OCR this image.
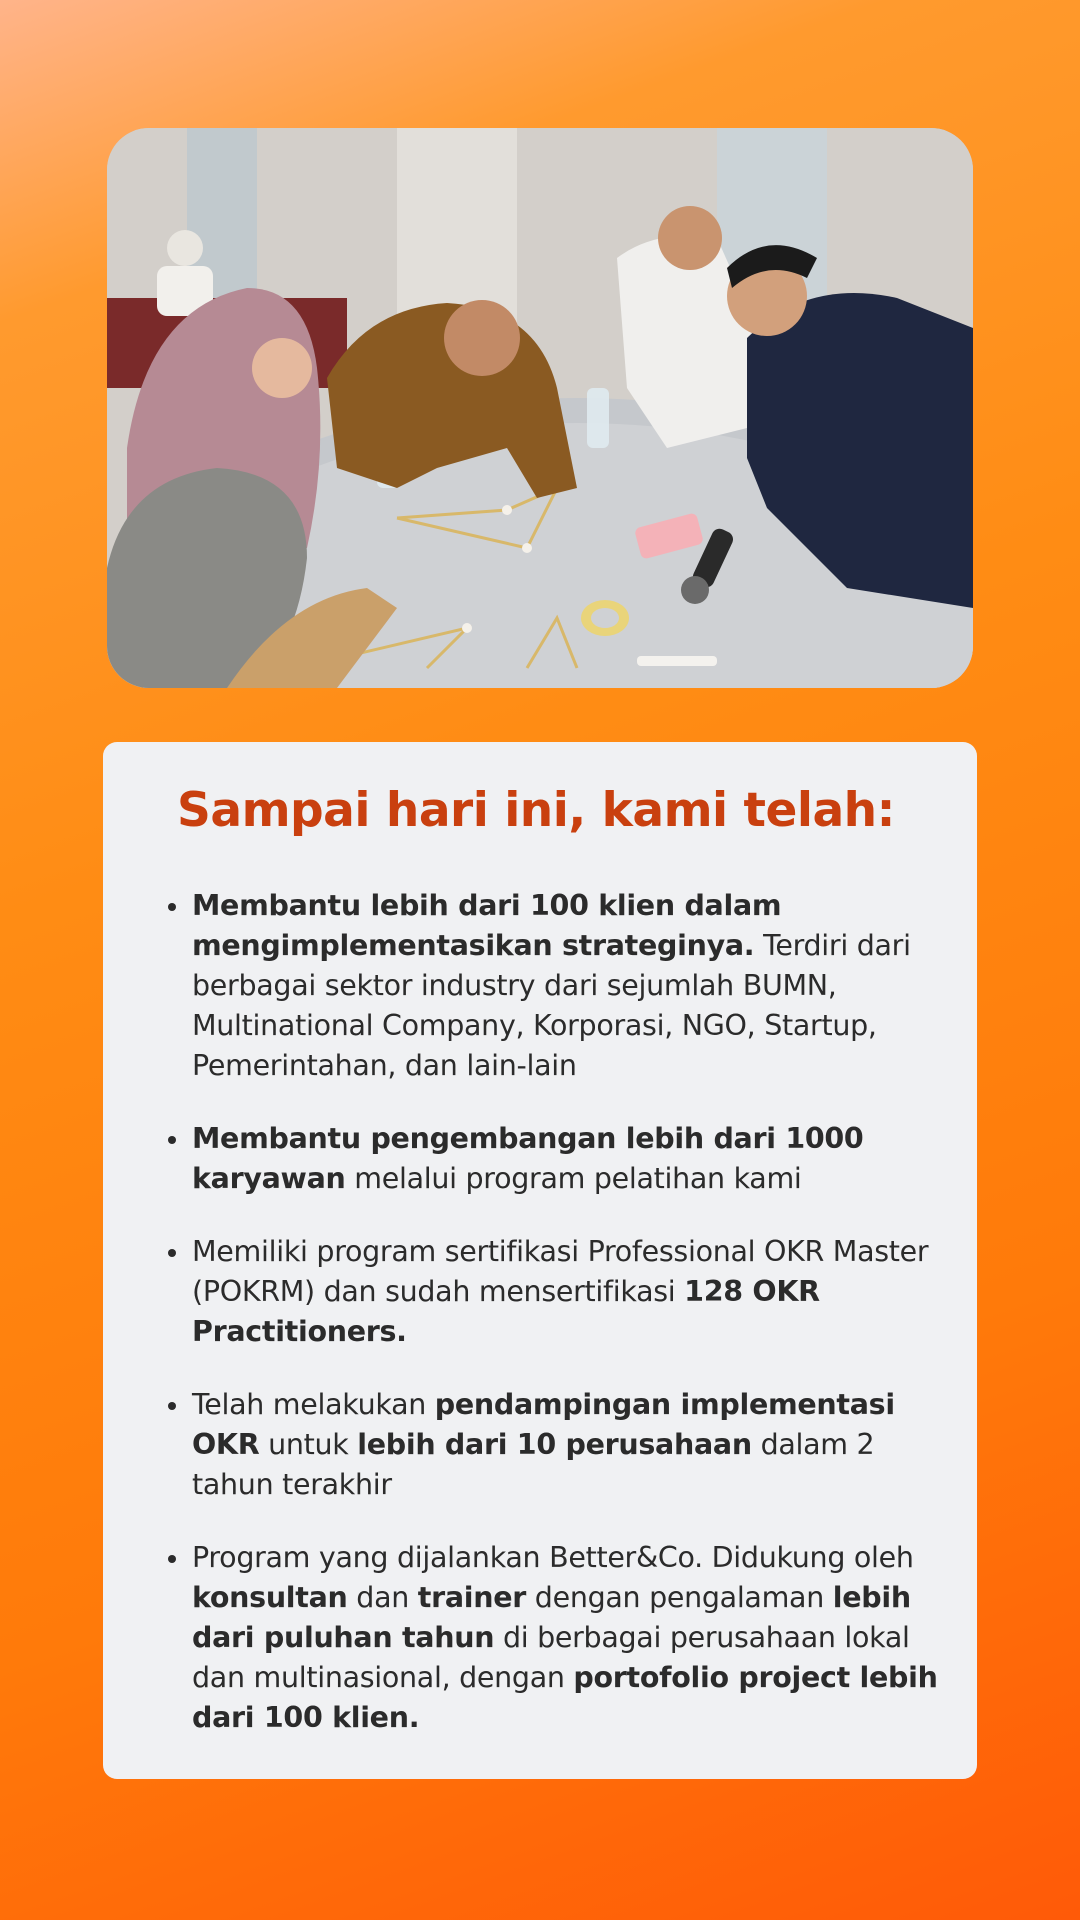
Sampai hari ini, kami telah:
Membantu lebih dari 100 klien dalam mengimplementasikan strateginya. Terdiri dari berbagai sektor industry dari sejumlah BUMN, Multinational Company, Korporasi, NGO, Startup, Pemerintahan, dan lain-lain
Membantu pengembangan lebih dari 1000 karyawan melalui program pelatihan kami
Memiliki program sertifikasi Professional OKR Master (POKRM) dan sudah mensertifikasi 128 OKR Practitioners.
Telah melakukan pendampingan implementasi OKR untuk lebih dari 10 perusahaan dalam 2 tahun terakhir
Program yang dijalankan Better&Co. Didukung oleh konsultan dan trainer dengan pengalaman lebih dari puluhan tahun di berbagai perusahaan lokal dan multinasional, dengan portofolio project lebih dari 100 klien.
